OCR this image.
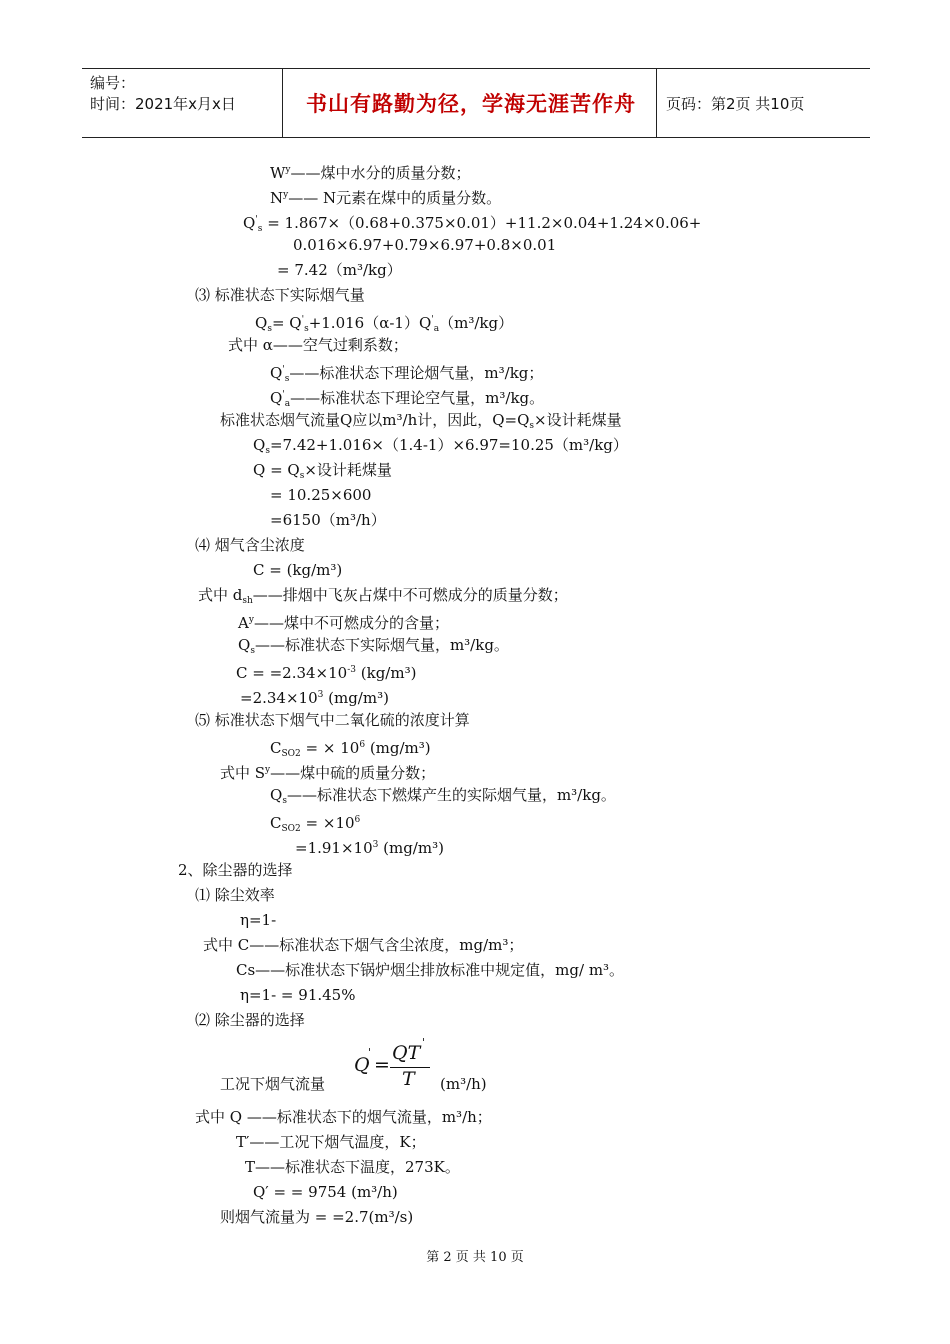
编号：
时间：2021年x月x日	书山有路勤为径，学海无涯苦作舟	页码：第2页 共10页
$W^y——$煤中水分的质量分数；
$N^y——$ N元素在煤中的质量分数。
$Q'_s = 1.867\times(0.68+0.375\times 0.01)+11.2\times 0.04+1.24\times 0.06+$
0.016×6.97+0.79×6.97+0.8×0.01
= 7.42（m³/kg）
⑶ 标准状态下实际烟气量
$Q_s= Q'_s+1.016(\alpha-1)Q'_a(m^3/kg)$
式中 α——空气过剩系数；
$Q'_s——$标准状态下理论烟气量，m³/kg；
$Q'_a——$标准状态下理论空气量，m³/kg。
标准状态烟气流量Q应以m³/h计，因此，$Q=Q_s\times$设计耗煤量
$Q_s=7.42+1.016\times(1.4-1)\times 6.97=10.25(m^3/kg)$
$Q = Q_s\times$设计耗煤量
= 10.25×600
=6150（m³/h）
⑷ 烟气含尘浓度
C = (kg/m³)
式中 $d_{sh}——$排烟中飞灰占煤中不可燃成分的质量分数；
$A^y——$煤中不可燃成分的含量；
$Q_s——$标准状态下实际烟气量，m³/kg。
$C = =2.34\times 10^{-3}$ (kg/m³)
$=2.34\times 10^3$ (mg/m³)
⑸ 标准状态下烟气中二氧化硫的浓度计算
$C_{SO2}$ = × $10^6$ (mg/m³)
式中 $S^y——$煤中硫的质量分数；
$Q_s——$标准状态下燃煤产生的实际烟气量，m³/kg。
$C_{SO2} = \times 10^6$
$=1.91\times 10^3$ (mg/m³)
2、除尘器的选择
⑴ 除尘效率
η=1-
式中 C——标准状态下烟气含尘浓度，mg/m³；
Cs——标准状态下锅炉烟尘排放标准中规定值，mg/ m³。
η=1- = 91.45%
⑵ 除尘器的选择
Q
'
=
QT '
T
工况下烟气流量	(m³/h)
式中 Q ——标准状态下的烟气流量，m³/h；
T′——工况下烟气温度，K；
T——标准状态下温度，273K。
Q′ = = 9754 (m³/h)
则烟气流量为 = =2.7(m³/s)
第 2 页 共 10 页
